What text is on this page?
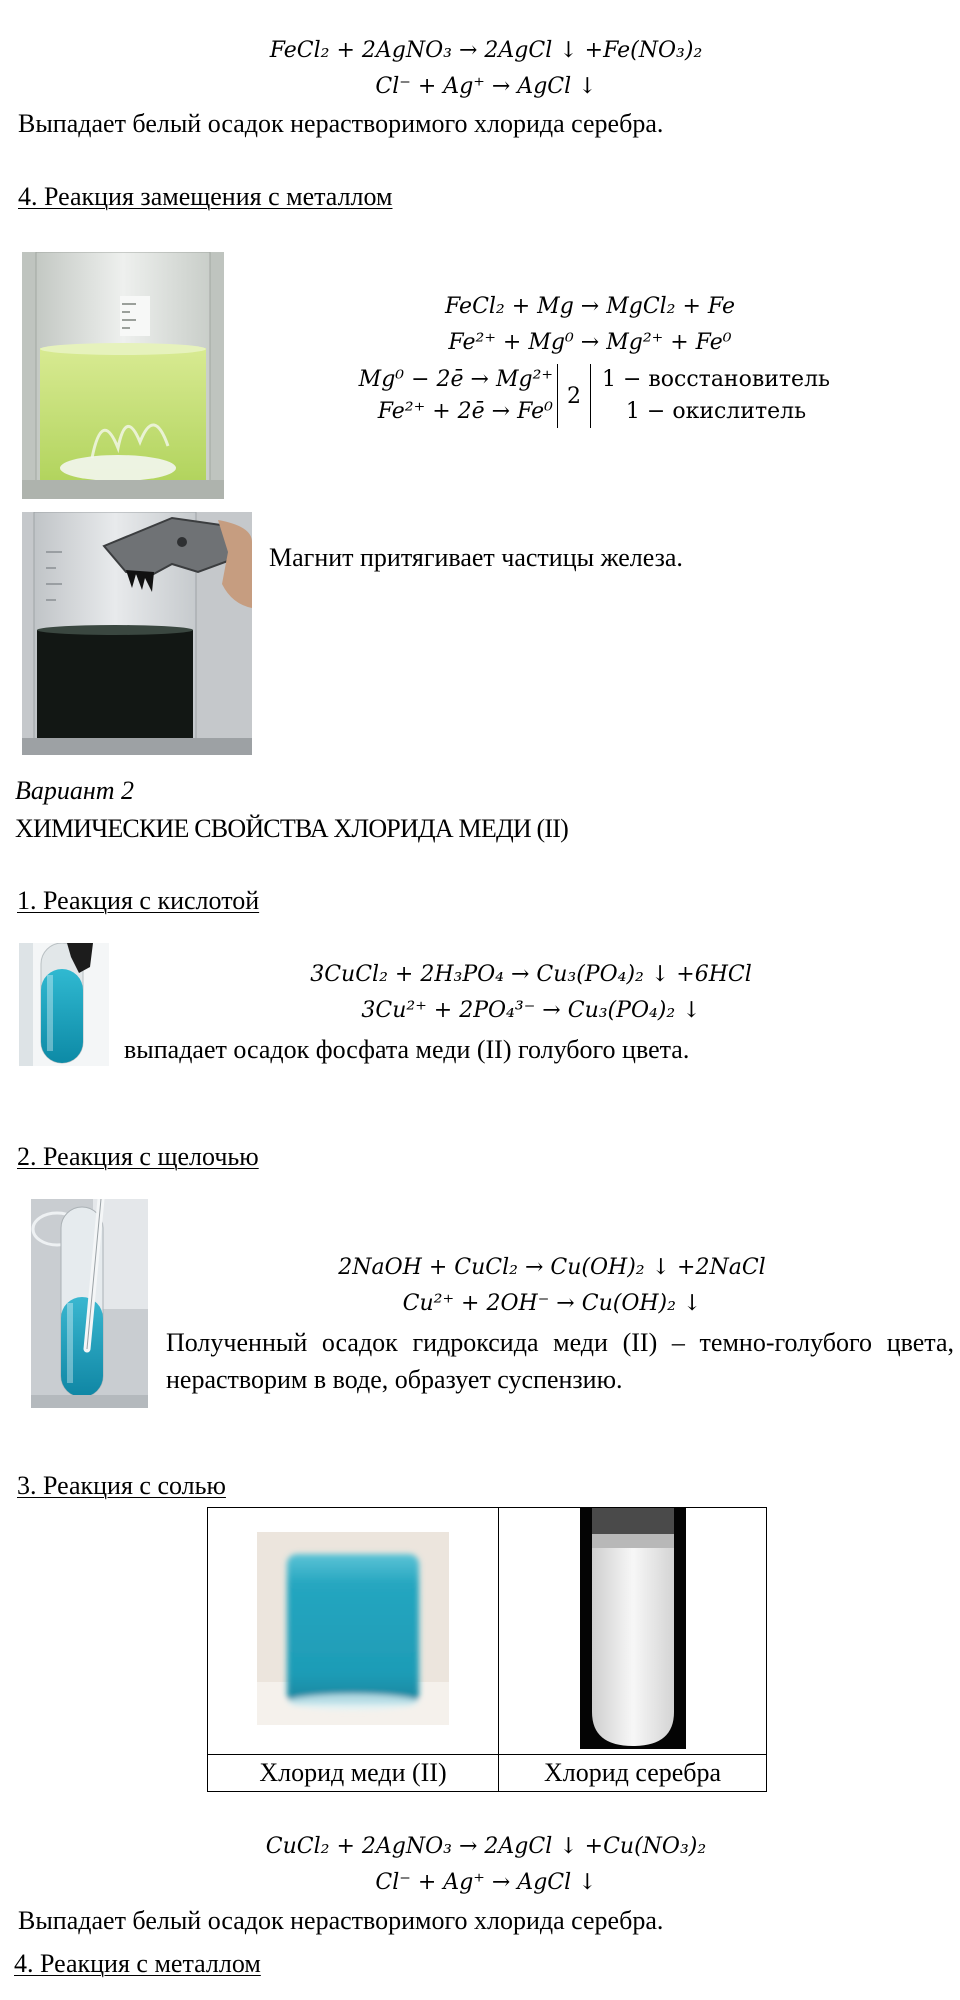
FeCl₂ + 2AgNO₃ → 2AgCl ↓ +Fe(NO₃)₂
Cl⁻ + Ag⁺ → AgCl ↓
Выпадает белый осадок нерастворимого хлорида серебра.
4. Реакция замещения с металлом
FeCl₂ + Mg → MgCl₂ + Fe
Fe²⁺ + Mg⁰ → Mg²⁺ + Fe⁰
Mg⁰ − 2ē → Mg²⁺
Fe²⁺ + 2ē → Fe⁰
2
1 − восстановитель
1 − окислитель
Магнит притягивает частицы железа.
Вариант 2
ХИМИЧЕСКИЕ СВОЙСТВА ХЛОРИДА МЕДИ (II)
1. Реакция с кислотой
3CuCl₂ + 2H₃PO₄ → Cu₃(PO₄)₂ ↓ +6HCl
3Cu²⁺ + 2PO₄³⁻ → Cu₃(PO₄)₂ ↓
выпадает осадок фосфата меди (II) голубого цвета.
2. Реакция с щелочью
2NaOH + CuCl₂ → Cu(OH)₂ ↓ +2NaCl
Cu²⁺ + 2OH⁻ → Cu(OH)₂ ↓
Полученный осадок гидроксида меди (II) – темно-голубого цвета, нерастворим в воде, образует суспензию.
3. Реакция с солью

Хлорид меди (II)	Хлорид серебра
CuCl₂ + 2AgNO₃ → 2AgCl ↓ +Cu(NO₃)₂
Cl⁻ + Ag⁺ → AgCl ↓
Выпадает белый осадок нерастворимого хлорида серебра.
4. Реакция с металлом
